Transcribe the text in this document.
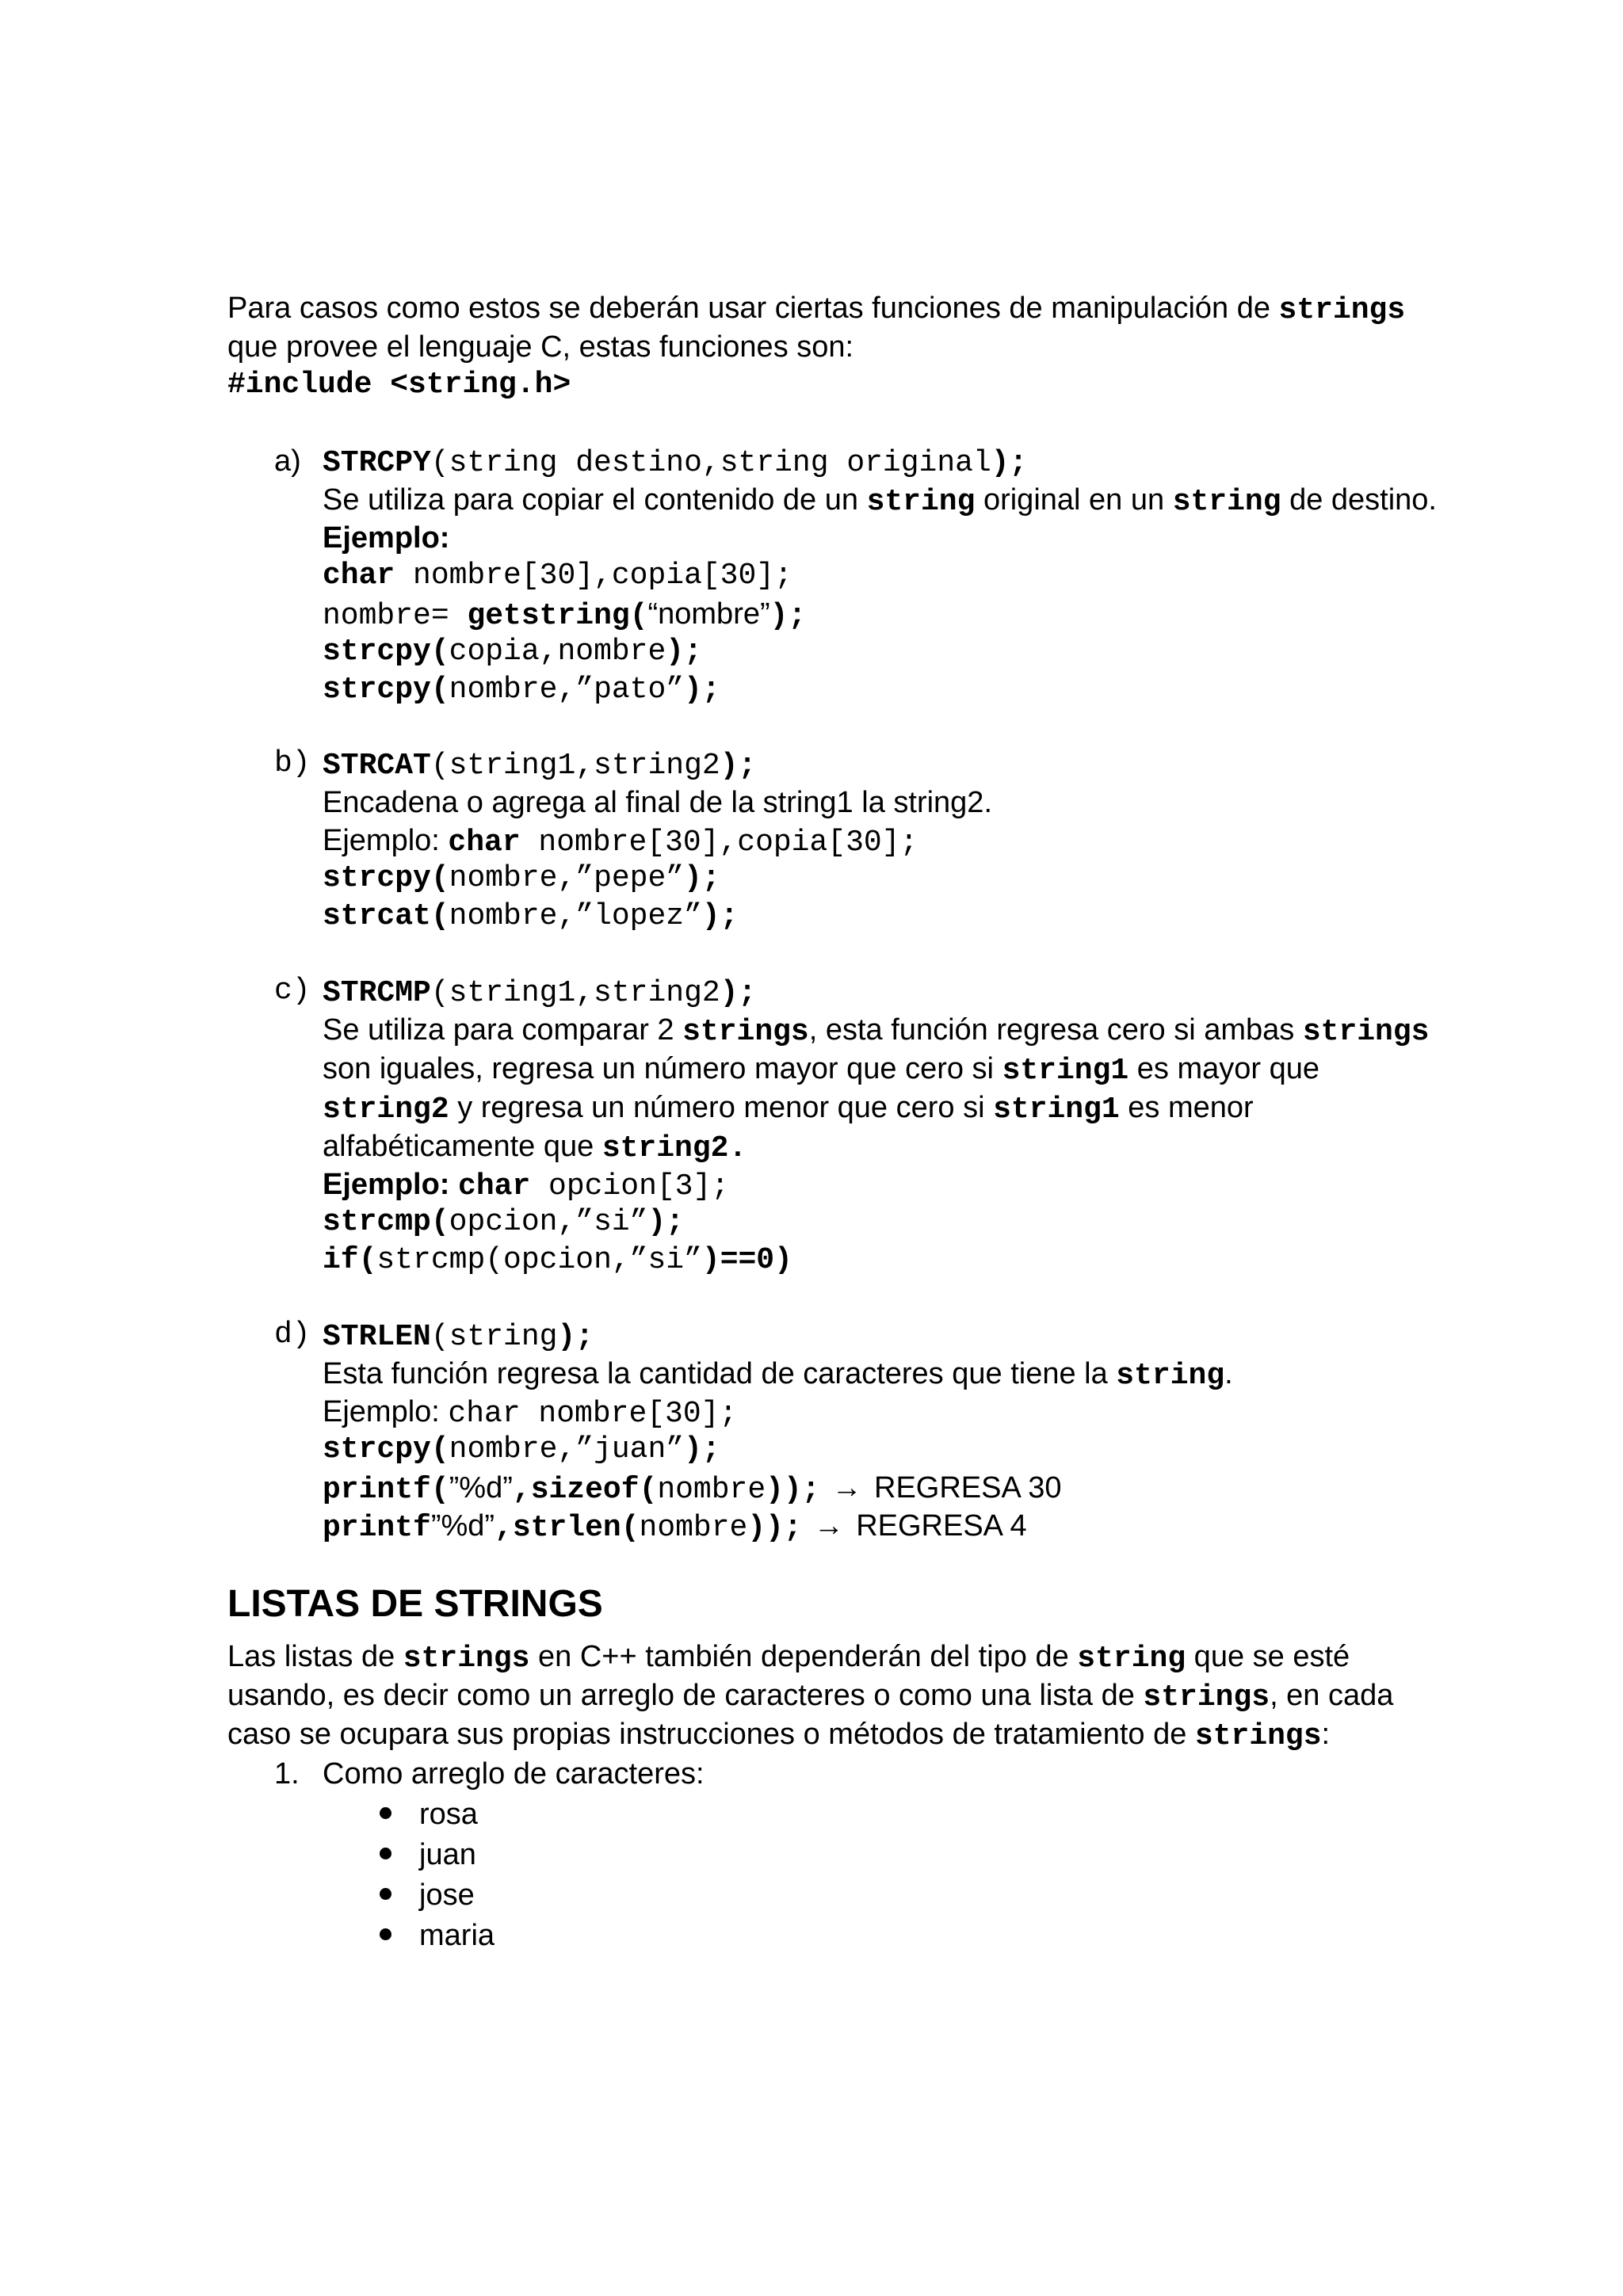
Para casos como estos se deberán usar ciertas funciones de manipulación de strings
que provee el lenguaje C, estas funciones son:
#include <string.h>
a) STRCPY(string destino,string original);
Se utiliza para copiar el contenido de un string original en un string de destino.
Ejemplo:
char nombre[30],copia[30];
nombre= getstring(“nombre”);
strcpy(copia,nombre);
strcpy(nombre,”pato”);
b) STRCAT(string1,string2);
Encadena o agrega al final de la string1 la string2.
Ejemplo: char nombre[30],copia[30];
strcpy(nombre,”pepe”);
strcat(nombre,”lopez”);
c) STRCMP(string1,string2);
Se utiliza para comparar 2 strings, esta función regresa cero si ambas strings
son iguales, regresa un número mayor que cero si string1 es mayor que
string2 y regresa un número menor que cero si string1 es menor
alfabéticamente que string2.
Ejemplo: char opcion[3];
strcmp(opcion,”si”);
if(strcmp(opcion,”si”)==0)
d) STRLEN(string);
Esta función regresa la cantidad de caracteres que tiene la string.
Ejemplo: char nombre[30];
strcpy(nombre,”juan”);
printf(”%d”,sizeof(nombre)); → REGRESA 30
printf”%d”,strlen(nombre)); → REGRESA 4
LISTAS DE STRINGS
Las listas de strings en C++ también dependerán del tipo de string que se esté
usando, es decir como un arreglo de caracteres o como una lista de strings, en cada
caso se ocupara sus propias instrucciones o métodos de tratamiento de strings:
1. Como arreglo de caracteres:
rosa
juan
jose
maria
